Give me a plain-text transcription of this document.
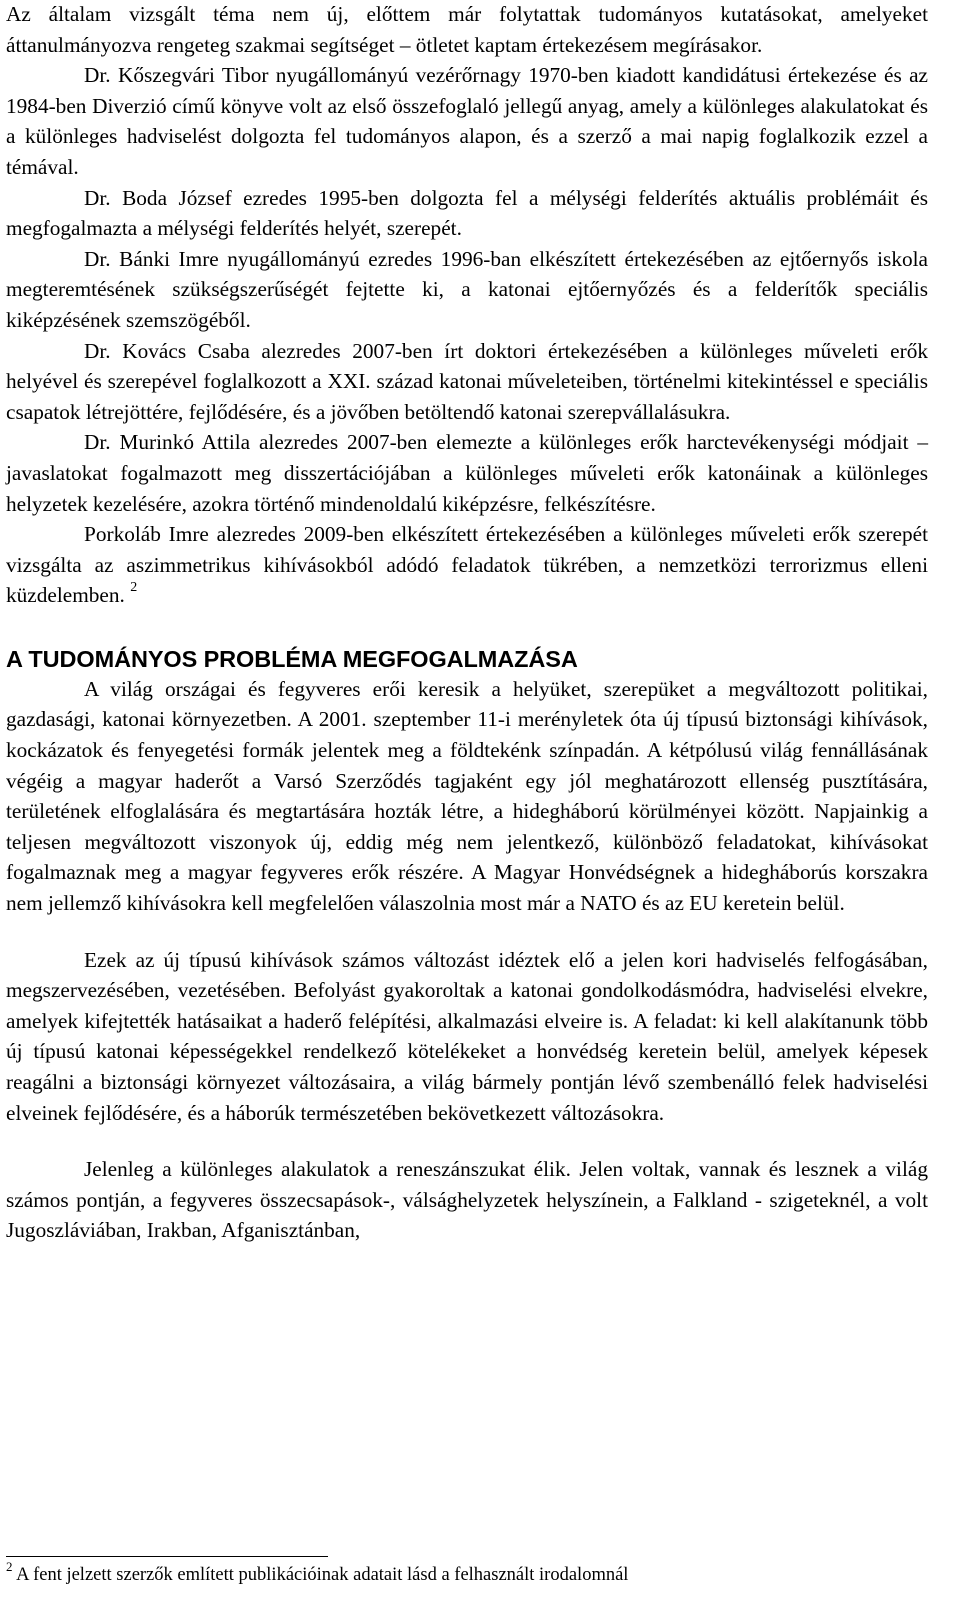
Az általam vizsgált téma nem új, előttem már folytattak tudományos kutatásokat, amelyeket áttanulmányozva rengeteg szakmai segítséget – ötletet kaptam értekezésem megírásakor.

Dr. Kőszegvári Tibor nyugállományú vezérőrnagy 1970-ben kiadott kandidátusi értekezése és az 1984-ben Diverzió című könyve volt az első összefoglaló jellegű anyag, amely a különleges alakulatokat és a különleges hadviselést dolgozta fel tudományos alapon, és a szerző a mai napig foglalkozik ezzel a témával.

Dr. Boda József ezredes 1995-ben dolgozta fel a mélységi felderítés aktuális problémáit és megfogalmazta a mélységi felderítés helyét, szerepét.

Dr. Bánki Imre nyugállományú ezredes 1996-ban elkészített értekezésében az ejtőernyős iskola megteremtésének szükségszerűségét fejtette ki, a katonai ejtőernyőzés és a felderítők speciális kiképzésének szemszögéből.

Dr. Kovács Csaba alezredes 2007-ben írt doktori értekezésében a különleges műveleti erők helyével és szerepével foglalkozott a XXI. század katonai műveleteiben, történelmi kitekintéssel e speciális csapatok létrejöttére, fejlődésére, és a jövőben betöltendő katonai szerepvállalásukra.

Dr. Murinkó Attila alezredes 2007-ben elemezte a különleges erők harctevékenységi módjait – javaslatokat fogalmazott meg disszertációjában a különleges műveleti erők katonáinak a különleges helyzetek kezelésére, azokra történő mindenoldalú kiképzésre, felkészítésre.

Porkoláb Imre alezredes 2009-ben elkészített értekezésében a különleges műveleti erők szerepét vizsgálta az aszimmetrikus kihívásokból adódó feladatok tükrében, a nemzetközi terrorizmus elleni küzdelemben. $^2$

A TUDOMÁNYOS PROBLÉMA MEGFOGALMAZÁSA

A világ országai és fegyveres erői keresik a helyüket, szerepüket a megváltozott politikai, gazdasági, katonai környezetben. A 2001. szeptember 11-i merényletek óta új típusú biztonsági kihívások, kockázatok és fenyegetési formák jelentek meg a földtekénk színpadán. A kétpólusú világ fennállásának végéig a magyar haderőt a Varsó Szerződés tagjaként egy jól meghatározott ellenség pusztítására, területének elfoglalására és megtartására hozták létre, a hidegháború körülményei között. Napjainkig a teljesen megváltozott viszonyok új, eddig még nem jelentkező, különböző feladatokat, kihívásokat fogalmaznak meg a magyar fegyveres erők részére. A Magyar Honvédségnek a hidegháborús korszakra nem jellemző kihívásokra kell megfelelően válaszolnia most már a NATO és az EU keretein belül.

Ezek az új típusú kihívások számos változást idéztek elő a jelen kori hadviselés felfogásában, megszervezésében, vezetésében. Befolyást gyakoroltak a katonai gondolkodásmódra, hadviselési elvekre, amelyek kifejtették hatásaikat a haderő felépítési, alkalmazási elveire is. A feladat: ki kell alakítanunk több új típusú katonai képességekkel rendelkező kötelékeket a honvédség keretein belül, amelyek képesek reagálni a biztonsági környezet változásaira, a világ bármely pontján lévő szembenálló felek hadviselési elveinek fejlődésére, és a háborúk természetében bekövetkezett változásokra.

Jelenleg a különleges alakulatok a reneszánszukat élik. Jelen voltak, vannak és lesznek a világ számos pontján, a fegyveres összecsapások-, válsághelyzetek helyszínein, a Falkland - szigeteknél, a volt Jugoszláviában, Irakban, Afganisztánban,

$^2$ A fent jelzett szerzők említett publikációinak adatait lásd a felhasznált irodalomnál
